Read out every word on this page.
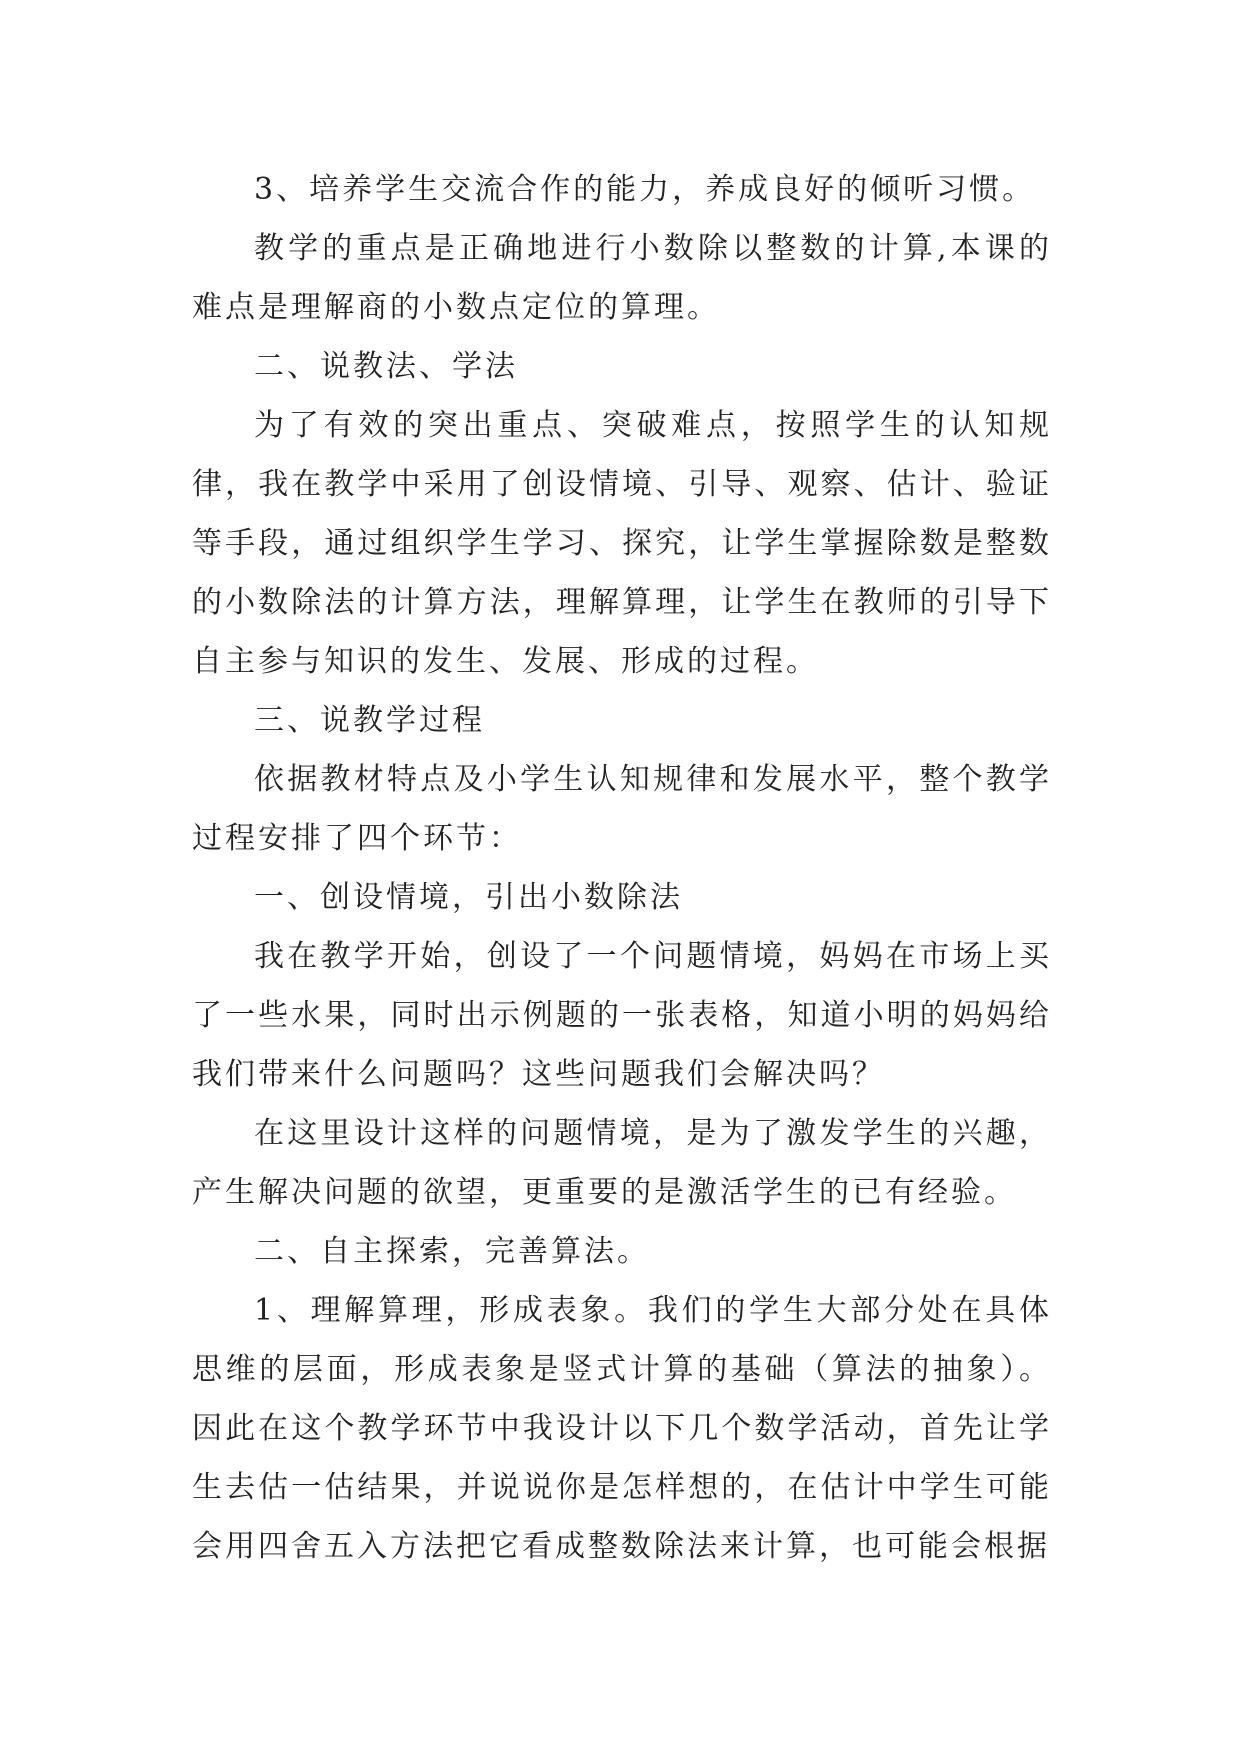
3、培养学生交流合作的能力，养成良好的倾听习惯。

教学的重点是正确地进行小数除以整数的计算,本课的难点是理解商的小数点定位的算理。

二、说教法、学法

为了有效的突出重点、突破难点，按照学生的认知规律，我在教学中采用了创设情境、引导、观察、估计、验证等手段，通过组织学生学习、探究，让学生掌握除数是整数的小数除法的计算方法，理解算理，让学生在教师的引导下自主参与知识的发生、发展、形成的过程。

三、说教学过程

依据教材特点及小学生认知规律和发展水平，整个教学过程安排了四个环节：

一、创设情境，引出小数除法

我在教学开始，创设了一个问题情境，妈妈在市场上买了一些水果，同时出示例题的一张表格，知道小明的妈妈给我们带来什么问题吗？这些问题我们会解决吗？

在这里设计这样的问题情境，是为了激发学生的兴趣，产生解决问题的欲望，更重要的是激活学生的已有经验。

二、自主探索，完善算法。

1、理解算理，形成表象。我们的学生大部分处在具体思维的层面，形成表象是竖式计算的基础（算法的抽象）。因此在这个教学环节中我设计以下几个数学活动，首先让学生去估一估结果，并说说你是怎样想的，在估计中学生可能会用四舍五入方法把它看成整数除法来计算，也可能会根据
